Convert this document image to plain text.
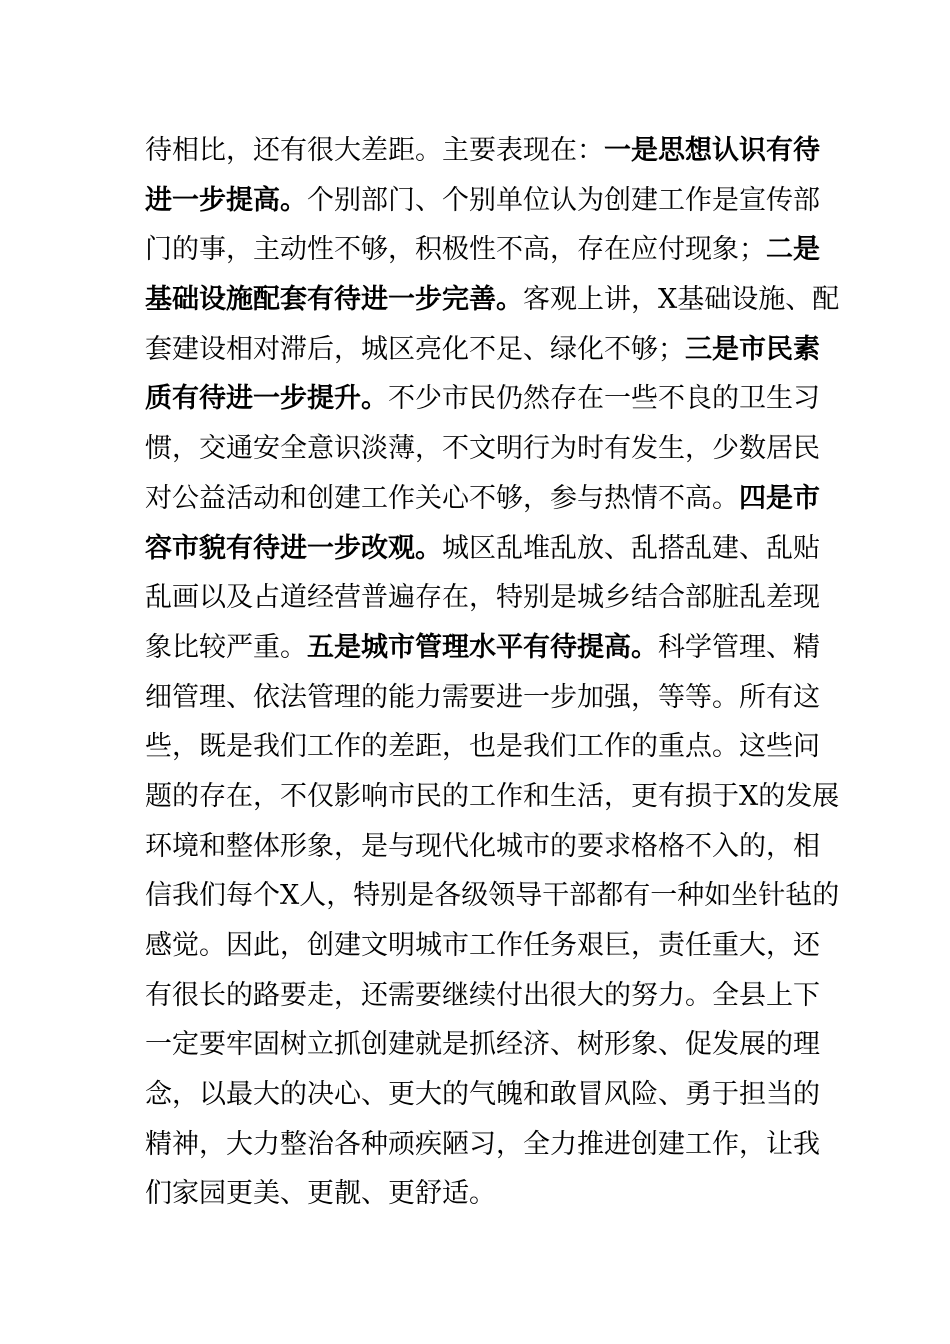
待相比，还有很大差距。主要表现在：一是思想认识有待
进一步提高。个别部门、个别单位认为创建工作是宣传部
门的事，主动性不够，积极性不高，存在应付现象；二是
基础设施配套有待进一步完善。客观上讲，X基础设施、配
套建设相对滞后，城区亮化不足、绿化不够；三是市民素
质有待进一步提升。不少市民仍然存在一些不良的卫生习
惯，交通安全意识淡薄，不文明行为时有发生，少数居民
对公益活动和创建工作关心不够，参与热情不高。四是市
容市貌有待进一步改观。城区乱堆乱放、乱搭乱建、乱贴
乱画以及占道经营普遍存在，特别是城乡结合部脏乱差现
象比较严重。五是城市管理水平有待提高。科学管理、精
细管理、依法管理的能力需要进一步加强，等等。所有这
些，既是我们工作的差距，也是我们工作的重点。这些问
题的存在，不仅影响市民的工作和生活，更有损于X的发展
环境和整体形象，是与现代化城市的要求格格不入的，相
信我们每个X人，特别是各级领导干部都有一种如坐针毡的
感觉。因此，创建文明城市工作任务艰巨，责任重大，还
有很长的路要走，还需要继续付出很大的努力。全县上下
一定要牢固树立抓创建就是抓经济、树形象、促发展的理
念，以最大的决心、更大的气魄和敢冒风险、勇于担当的
精神，大力整治各种顽疾陋习，全力推进创建工作，让我
们家园更美、更靓、更舒适。
